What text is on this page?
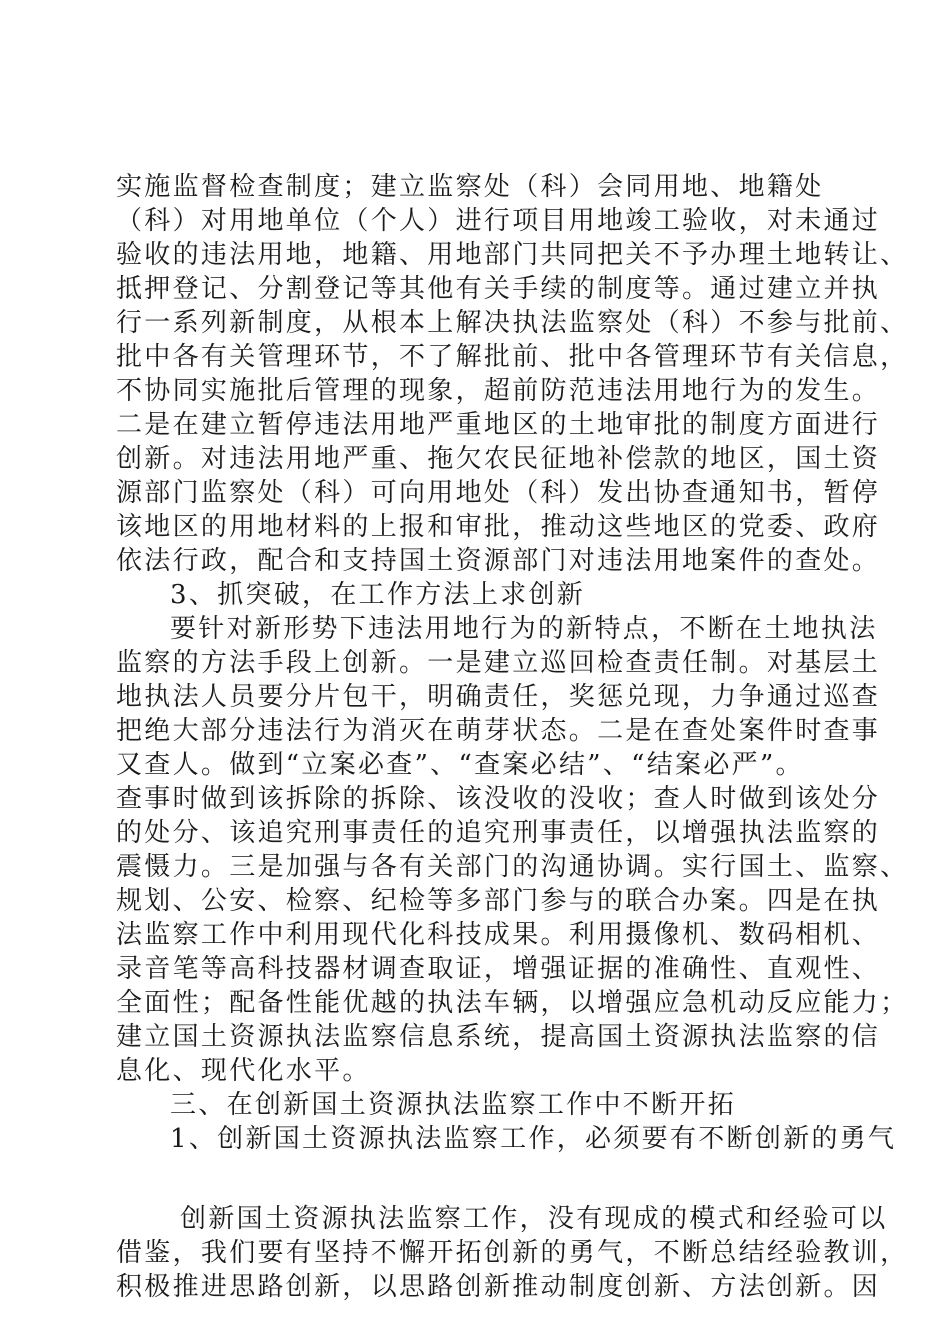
实施监督检查制度；建立监察处（科）会同用地、地籍处
（科）对用地单位（个人）进行项目用地竣工验收，对未通过
验收的违法用地，地籍、用地部门共同把关不予办理土地转让、
抵押登记、分割登记等其他有关手续的制度等。通过建立并执
行一系列新制度，从根本上解决执法监察处（科）不参与批前、
批中各有关管理环节，不了解批前、批中各管理环节有关信息，
不协同实施批后管理的现象，超前防范违法用地行为的发生。
二是在建立暂停违法用地严重地区的土地审批的制度方面进行
创新。对违法用地严重、拖欠农民征地补偿款的地区，国土资
源部门监察处（科）可向用地处（科）发出协查通知书，暂停
该地区的用地材料的上报和审批，推动这些地区的党委、政府
依法行政，配合和支持国土资源部门对违法用地案件的查处。
3、抓突破，在工作方法上求创新
要针对新形势下违法用地行为的新特点，不断在土地执法
监察的方法手段上创新。一是建立巡回检查责任制。对基层土
地执法人员要分片包干，明确责任，奖惩兑现，力争通过巡查
把绝大部分违法行为消灭在萌芽状态。二是在查处案件时查事
又查人。做到“立案必查”、“查案必结”、“结案必严”。
查事时做到该拆除的拆除、该没收的没收；查人时做到该处分
的处分、该追究刑事责任的追究刑事责任，以增强执法监察的
震慑力。三是加强与各有关部门的沟通协调。实行国土、监察、
规划、公安、检察、纪检等多部门参与的联合办案。四是在执
法监察工作中利用现代化科技成果。利用摄像机、数码相机、
录音笔等高科技器材调查取证，增强证据的准确性、直观性、
全面性；配备性能优越的执法车辆，以增强应急机动反应能力；
建立国土资源执法监察信息系统，提高国土资源执法监察的信
息化、现代化水平。
三、在创新国土资源执法监察工作中不断开拓
1、创新国土资源执法监察工作，必须要有不断创新的勇气
创新国土资源执法监察工作，没有现成的模式和经验可以
借鉴，我们要有坚持不懈开拓创新的勇气，不断总结经验教训，
积极推进思路创新，以思路创新推动制度创新、方法创新。因
